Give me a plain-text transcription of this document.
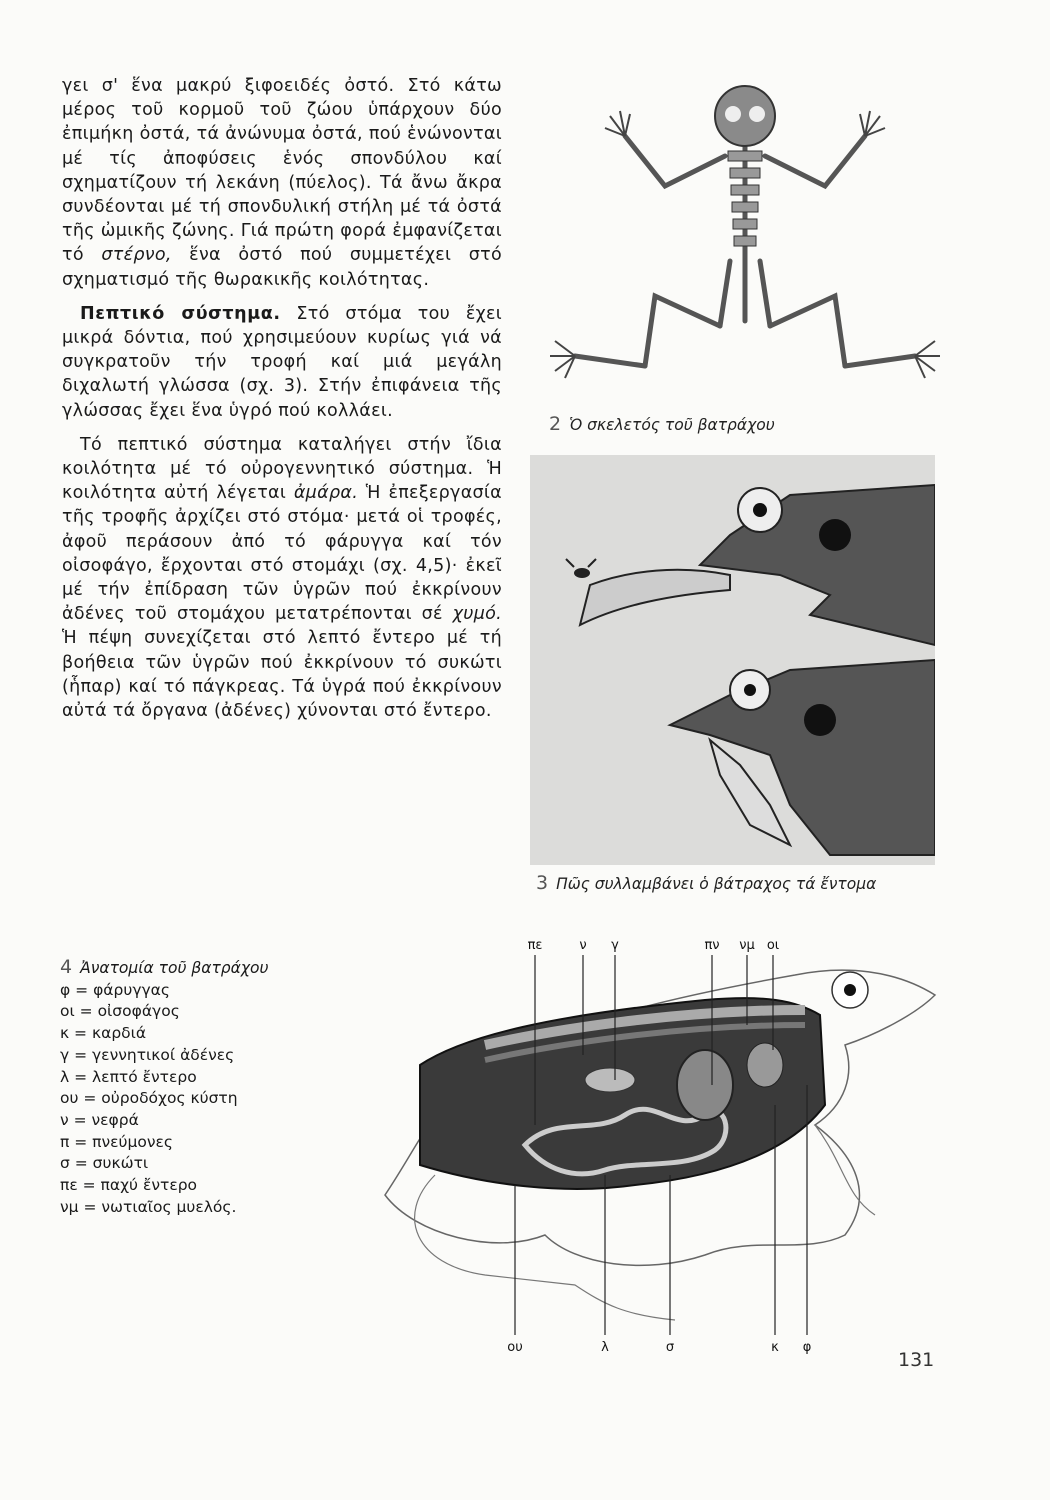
γει σ' ἕνα μακρύ ξιφοειδές ὀστό. Στό κάτω μέρος τοῦ κορμοῦ τοῦ ζώου ὑπάρχουν δύο ἐπιμήκη ὀστά, τά ἀνώνυμα ὀστά, πού ἑνώνονται μέ τίς ἀποφύσεις ἑνός σπονδύλου καί σχηματίζουν τή λεκάνη (πύελος). Τά ἄνω ἄκρα συνδέονται μέ τή σπονδυλική στήλη μέ τά ὀστά τῆς ὠμικῆς ζώνης. Γιά πρώτη φορά ἐμφανίζεται τό στέρνο, ἕνα ὀστό πού συμμετέχει στό σχηματισμό τῆς θωρακικῆς κοιλότητας.

Πεπτικό σύστημα. Στό στόμα του ἔχει μικρά δόντια, πού χρησιμεύουν κυρίως γιά νά συγκρατοῦν τήν τροφή καί μιά μεγάλη διχαλωτή γλώσσα (σχ. 3). Στήν ἐπιφάνεια τῆς γλώσσας ἔχει ἕνα ὑγρό πού κολλάει.

Τό πεπτικό σύστημα καταλήγει στήν ἴδια κοιλότητα μέ τό οὐρογεννητικό σύστημα. Ἡ κοιλότητα αὐτή λέγεται ἀμάρα. Ἡ ἐπεξεργασία τῆς τροφῆς ἀρχίζει στό στόμα· μετά οἱ τροφές, ἀφοῦ περάσουν ἀπό τό φάρυγγα καί τόν οἰσοφάγο, ἔρχονται στό στομάχι (σχ. 4,5)· ἐκεῖ μέ τήν ἐπίδραση τῶν ὑγρῶν πού ἐκκρίνουν ἀδένες τοῦ στομάχου μετατρέπονται σέ χυμό. Ἡ πέψη συνεχίζεται στό λεπτό ἔντερο μέ τή βοήθεια τῶν ὑγρῶν πού ἐκκρίνουν τό συκώτι (ἧπαρ) καί τό πάγκρεας. Τά ὑγρά πού ἐκκρίνουν αὐτά τά ὄργανα (ἀδένες) χύνονται στό ἔντερο.

2 Ὁ σκελετός τοῦ βατράχου
3 Πῶς συλλαμβάνει ὁ βάτραχος τά ἔντομα
4 Ἀνατομία τοῦ βατράχου
φ = φάρυγγας
οι = οἰσοφάγος
κ = καρδιά
γ = γεννητικοί ἀδένες
λ = λεπτό ἔντερο
ου = οὐροδόχος κύστη
ν = νεφρά
π = πνεύμονες
σ = συκώτι
πε = παχύ ἔντερο
νμ = νωτιαῖος μυελός.
πε	ν γ	πν νμ οι
ου	λ	σ	κ φ
131
